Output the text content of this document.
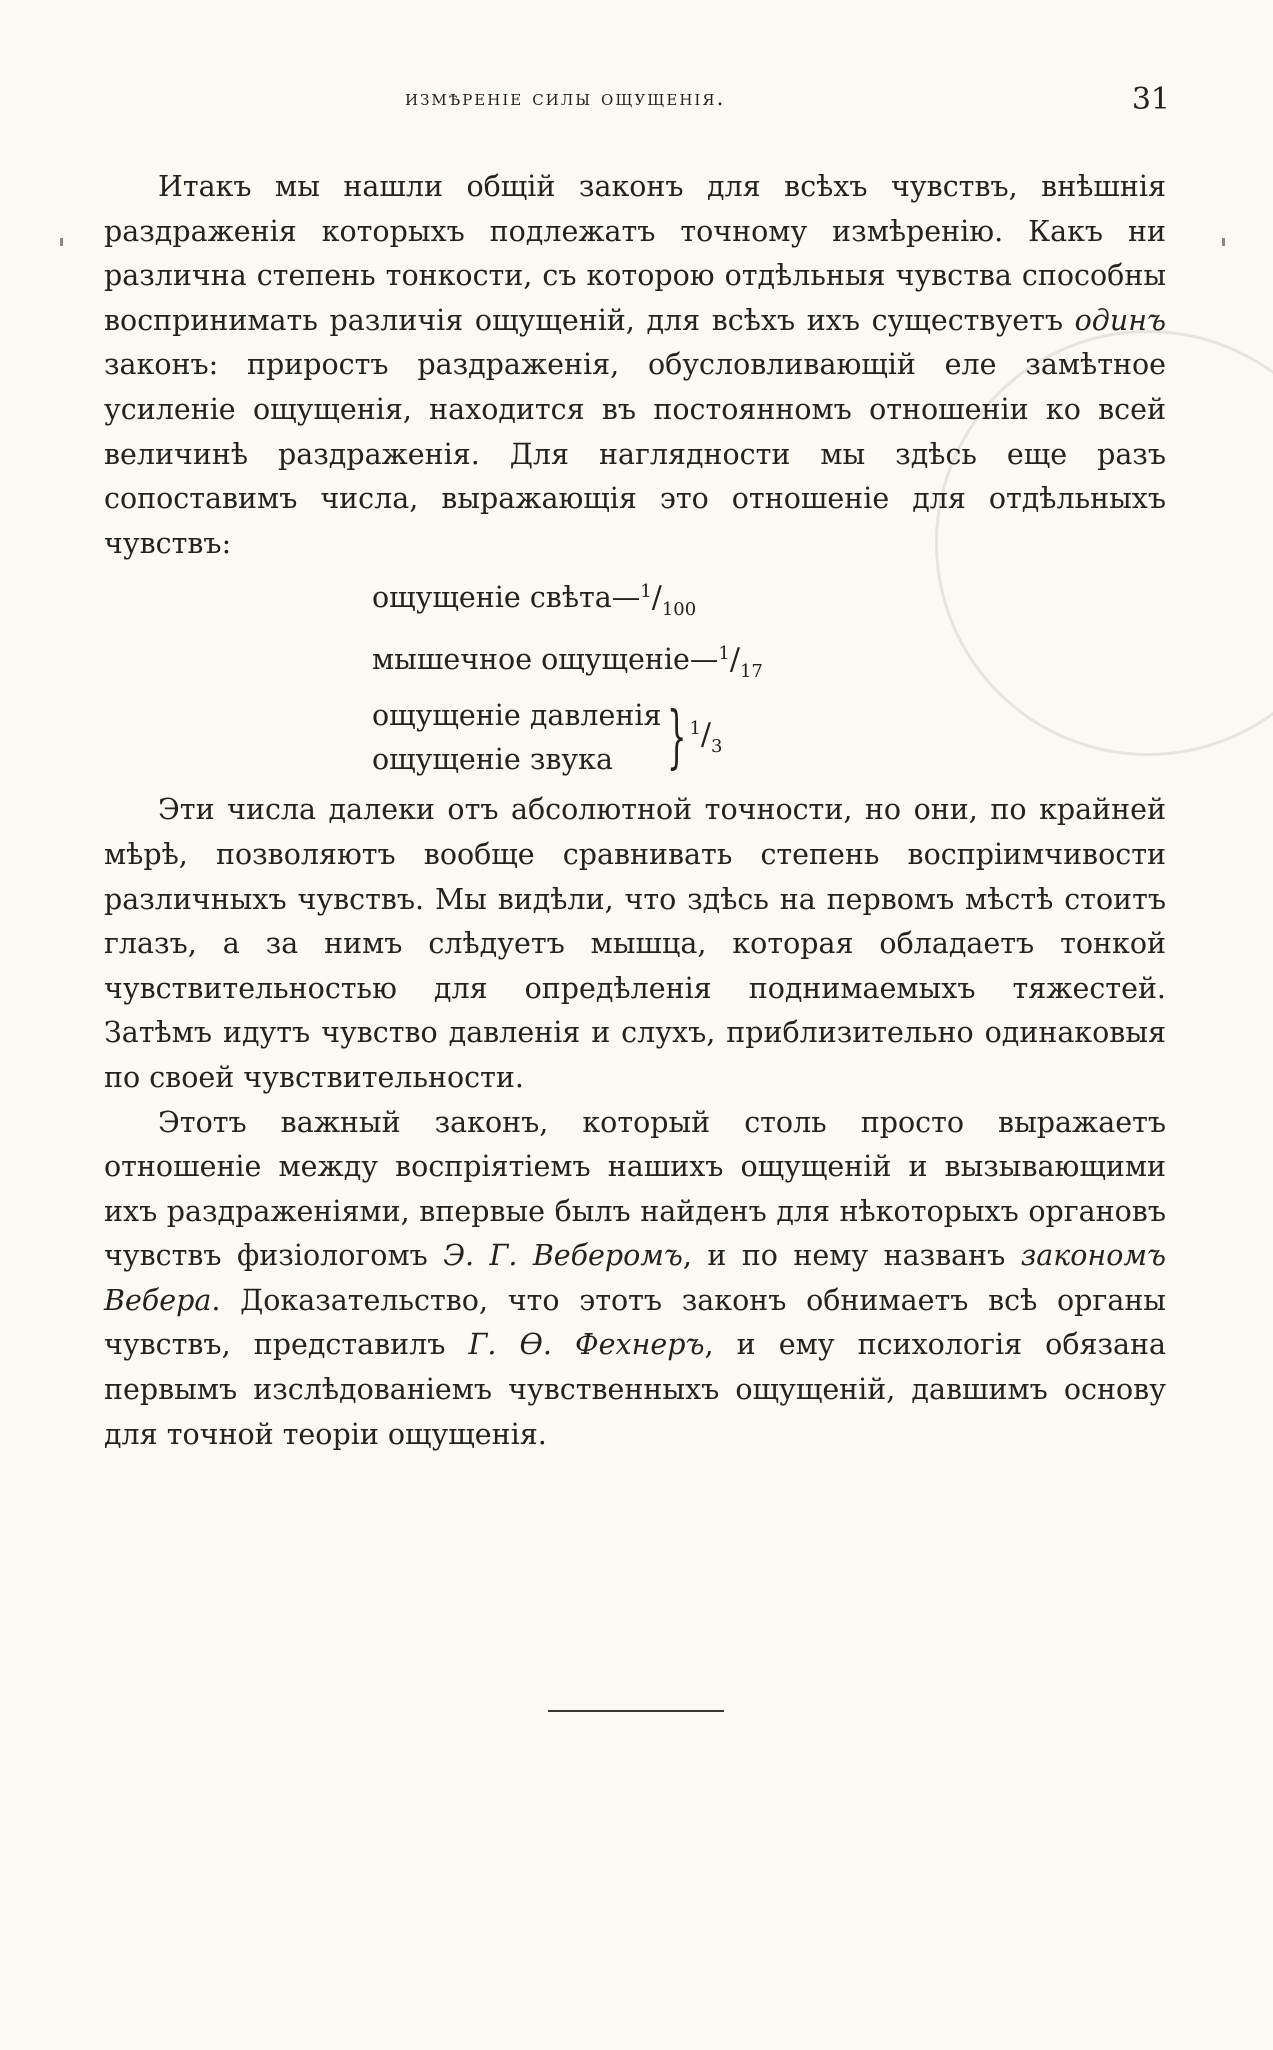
измѣреніе силы ощущенія.	31

Итакъ мы нашли общій законъ для всѣхъ чувствъ, внѣшнія раздраженія которыхъ подлежатъ точному измѣренію. Какъ ни различна степень тонкости, съ которою отдѣльныя чувства способны воспринимать различія ощущеній, для всѣхъ ихъ существуетъ одинъ законъ: приростъ раздраженія, обусловливающій еле замѣтное усиленіе ощущенія, находится въ постоянномъ отношеніи ко всей величинѣ раздраженія. Для наглядности мы здѣсь еще разъ сопоставимъ числа, выражающія это отношеніе для отдѣльныхъ чувствъ:

ощущеніе $свѣта—^1/_{100}$
мышечное $ощущеніе—^1/_{17}$
ощущеніе давленія
ощущеніе звука } $^1/_3$

Эти числа далеки отъ абсолютной точности, но они, по крайней мѣрѣ, позволяютъ вообще сравнивать степень воспріимчивости различныхъ чувствъ. Мы видѣли, что здѣсь на первомъ мѣстѣ стоитъ глазъ, а за нимъ слѣдуетъ мышца, которая обладаетъ тонкой чувствительностью для опредѣленія поднимаемыхъ тяжестей. Затѣмъ идутъ чувство давленія и слухъ, приблизительно одинаковыя по своей чувствительности.

Этотъ важный законъ, который столь просто выражаетъ отношеніе между воспріятіемъ нашихъ ощущеній и вызывающими ихъ раздраженіями, впервые былъ найденъ для нѣкоторыхъ органовъ чувствъ физіологомъ Э. Г. Веберомъ, и по нему названъ закономъ Вебера. Доказательство, что этотъ законъ обнимаетъ всѣ органы чувствъ, представилъ Г. Ѳ. Фехнеръ, и ему психологія обязана первымъ изслѣдованіемъ чувственныхъ ощущеній, давшимъ основу для точной теоріи ощущенія.
